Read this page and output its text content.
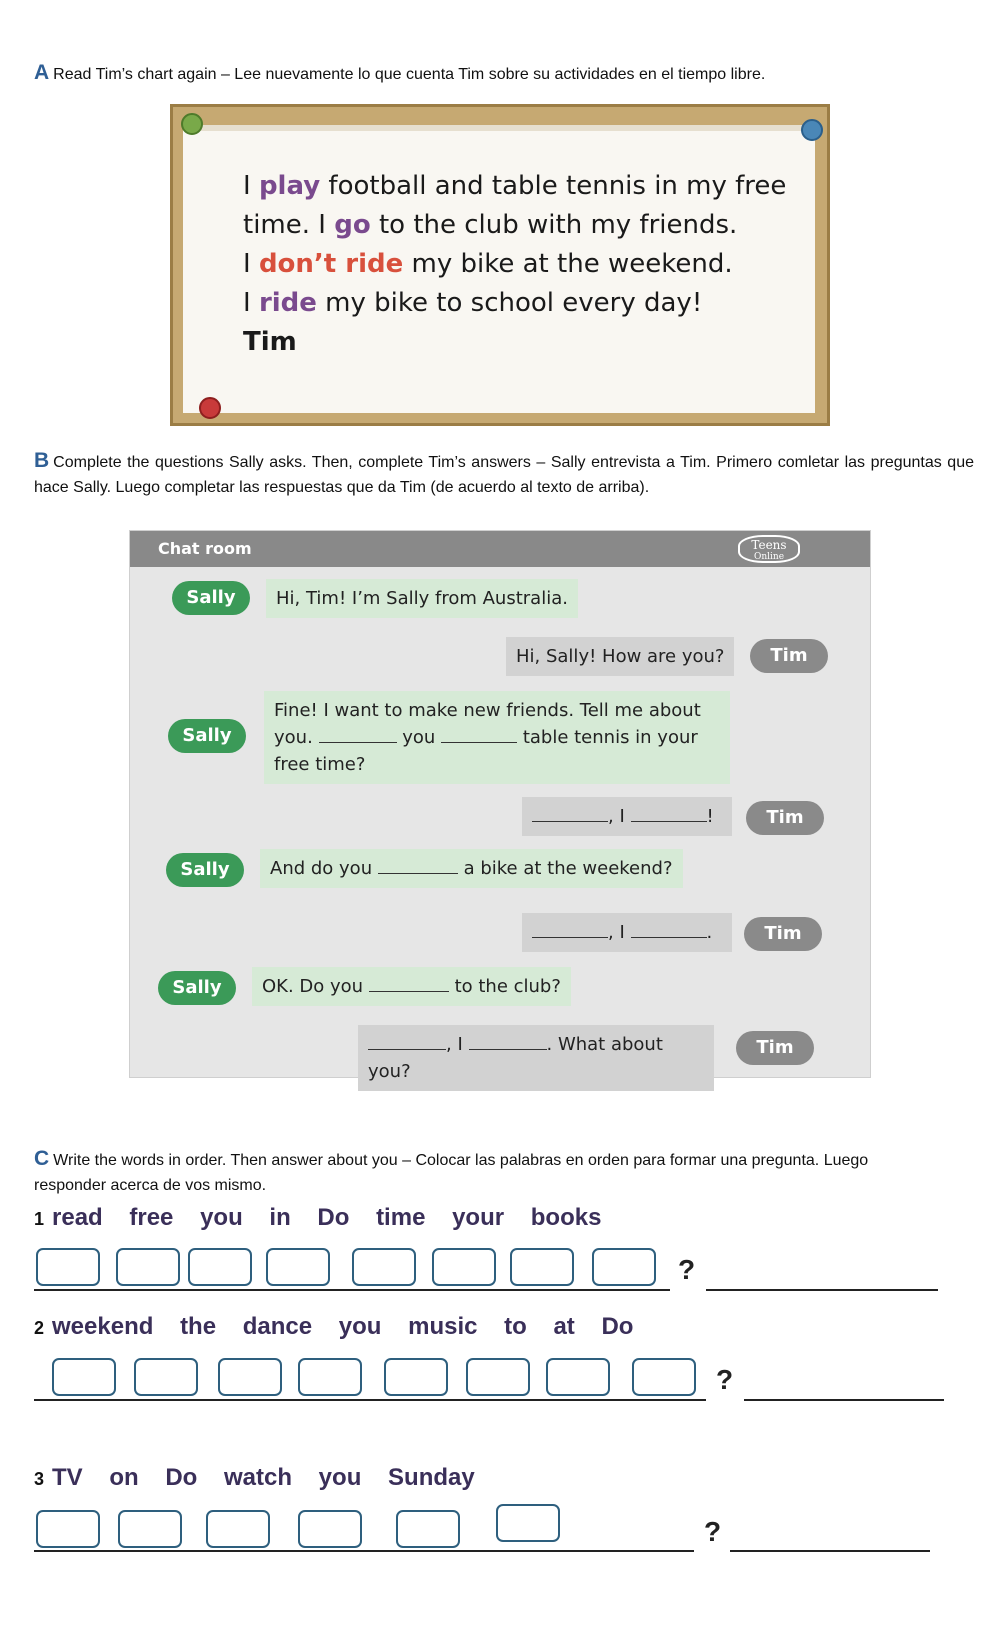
A Read Tim’s chart again – Lee nuevamente lo que cuenta Tim sobre su actividades en el tiempo libre.
I play football and table tennis in my free
time. I go to the club with my friends.
I don’t ride my bike at the weekend.
I ride my bike to school every day!
Tim
B Complete the questions Sally asks. Then, complete Tim’s answers – Sally entrevista a Tim. Primero comletar las preguntas que hace Sally. Luego completar las respuestas que da Tim (de acuerdo al texto de arriba).
Chat room	Teens
Online
Sally	Hi, Tim! I’m Sally from Australia.
Hi, Sally! How are you?	Tim
Sally
Fine! I want to make new friends. Tell me about
you.	you	table tennis in your
free time?
, I	!	Tim
Sally	And do you	a bike at the weekend?
, I	.	Tim
Sally	OK. Do you	to the club?
, I	. What about you?
Tim
C Write the words in order. Then answer about you – Colocar las palabras en orden para formar una pregunta. Luego responder acerca de vos mismo.
1 read free you in Do time your books
?
2 weekend the dance you music to at Do
?
3 TV on Do watch you Sunday
?
